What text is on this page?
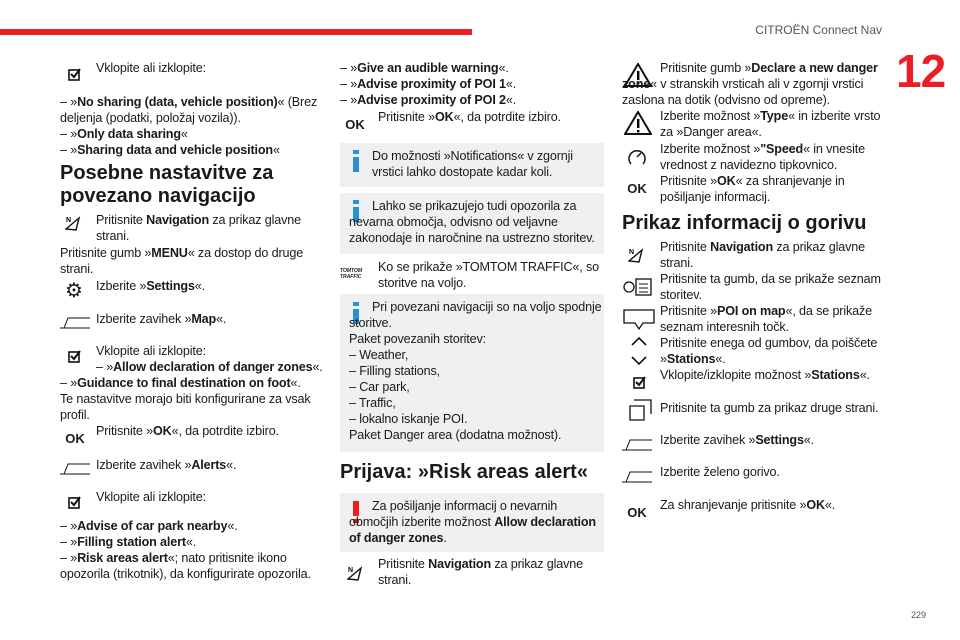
CITROËN Connect Nav
12
229
Vklopite ali izklopite:
– »No sharing (data, vehicle position)« (Brez deljenja (podatki, položaj vozila)).
– »Only data sharing«
– »Sharing data and vehicle position«
Posebne nastavitve za povezano navigacijo
N Pritisnite Navigation za prikaz glavne strani.
Pritisnite gumb »MENU« za dostop do druge strani.
⚙ Izberite »Settings«.
Izberite zavihek »Map«.
Vklopite ali izklopite:
– »Allow declaration of danger zones«.
– »Guidance to final destination on foot«.
Te nastavitve morajo biti konfigurirane za vsak profil.
OK Pritisnite »OK«, da potrdite izbiro.
Izberite zavihek »Alerts«.
Vklopite ali izklopite:
– »Advise of car park nearby«.
– »Filling station alert«.
– »Risk areas alert«; nato pritisnite ikono opozorila (trikotnik), da konfigurirate opozorila.
– »Give an audible warning«.
– »Advise proximity of POI 1«.
– »Advise proximity of POI 2«.
OK Pritisnite »OK«, da potrdite izbiro.
Do možnosti »Notifications« v zgornji vrstici lahko dostopate kadar koli.
Lahko se prikazujejo tudi opozorila za nevarna območja, odvisno od veljavne zakonodaje in naročnine na ustrezno storitev.
TOMTOM TRAFFIC
Ko se prikaže »TOMTOM TRAFFIC«, so storitve na voljo.
Pri povezani navigaciji so na voljo spodnje storitve.
Paket povezanih storitev:
– Weather,
– Filling stations,
– Car park,
– Traffic,
– lokalno iskanje POI.
Paket Danger area (dodatna možnost).
Prijava: »Risk areas alert«
Za pošiljanje informacij o nevarnih območjih izberite možnost Allow declaration of danger zones.
N Pritisnite Navigation za prikaz glavne strani.
Pritisnite gumb »Declare a new danger zone« v stranskih vrsticah ali v zgornji vrstici zaslona na dotik (odvisno od opreme).
Izberite možnost »Type« in izberite vrsto za »Danger area«.
Izberite možnost »"Speed« in vnesite vrednost z navidezno tipkovnico.
OK Pritisnite »OK« za shranjevanje in pošiljanje informacij.
Prikaz informacij o gorivu
N Pritisnite Navigation za prikaz glavne strani.
Pritisnite ta gumb, da se prikaže seznam storitev.
Pritisnite »POI on map«, da se prikaže seznam interesnih točk.
Pritisnite enega od gumbov, da poiščete »Stations«.
Vklopite/izklopite možnost »Stations«.
Pritisnite ta gumb za prikaz druge strani.
Izberite zavihek »Settings«.
Izberite želeno gorivo.
OK Za shranjevanje pritisnite »OK«.
